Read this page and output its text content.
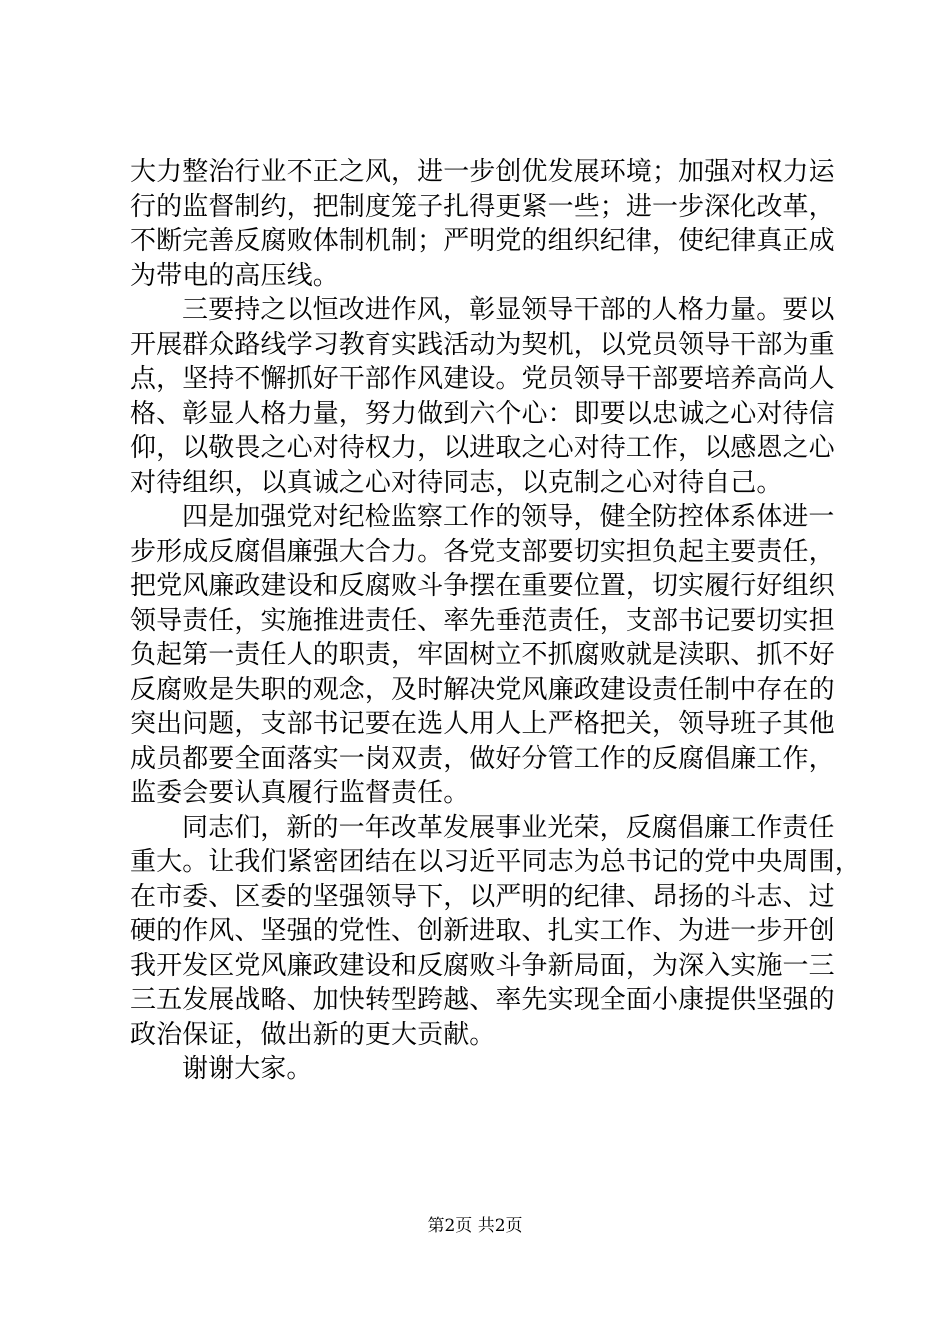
大力整治行业不正之风，进一步创优发展环境；加强对权力运
行的监督制约，把制度笼子扎得更紧一些；进一步深化改革，
不断完善反腐败体制机制；严明党的组织纪律，使纪律真正成
为带电的高压线。
三要持之以恒改进作风，彰显领导干部的人格力量。要以
开展群众路线学习教育实践活动为契机，以党员领导干部为重
点，坚持不懈抓好干部作风建设。党员领导干部要培养高尚人
格、彰显人格力量，努力做到六个心：即要以忠诚之心对待信
仰，以敬畏之心对待权力，以进取之心对待工作，以感恩之心
对待组织，以真诚之心对待同志，以克制之心对待自己。
四是加强党对纪检监察工作的领导，健全防控体系体进一
步形成反腐倡廉强大合力。各党支部要切实担负起主要责任，
把党风廉政建设和反腐败斗争摆在重要位置，切实履行好组织
领导责任，实施推进责任、率先垂范责任，支部书记要切实担
负起第一责任人的职责，牢固树立不抓腐败就是渎职、抓不好
反腐败是失职的观念，及时解决党风廉政建设责任制中存在的
突出问题，支部书记要在选人用人上严格把关，领导班子其他
成员都要全面落实一岗双责，做好分管工作的反腐倡廉工作，
监委会要认真履行监督责任。
同志们，新的一年改革发展事业光荣，反腐倡廉工作责任
重大。让我们紧密团结在以习近平同志为总书记的党中央周围，
在市委、区委的坚强领导下，以严明的纪律、昂扬的斗志、过
硬的作风、坚强的党性、创新进取、扎实工作、为进一步开创
我开发区党风廉政建设和反腐败斗争新局面，为深入实施一三
三五发展战略、加快转型跨越、率先实现全面小康提供坚强的
政治保证，做出新的更大贡献。
谢谢大家。
第2页 共2页
